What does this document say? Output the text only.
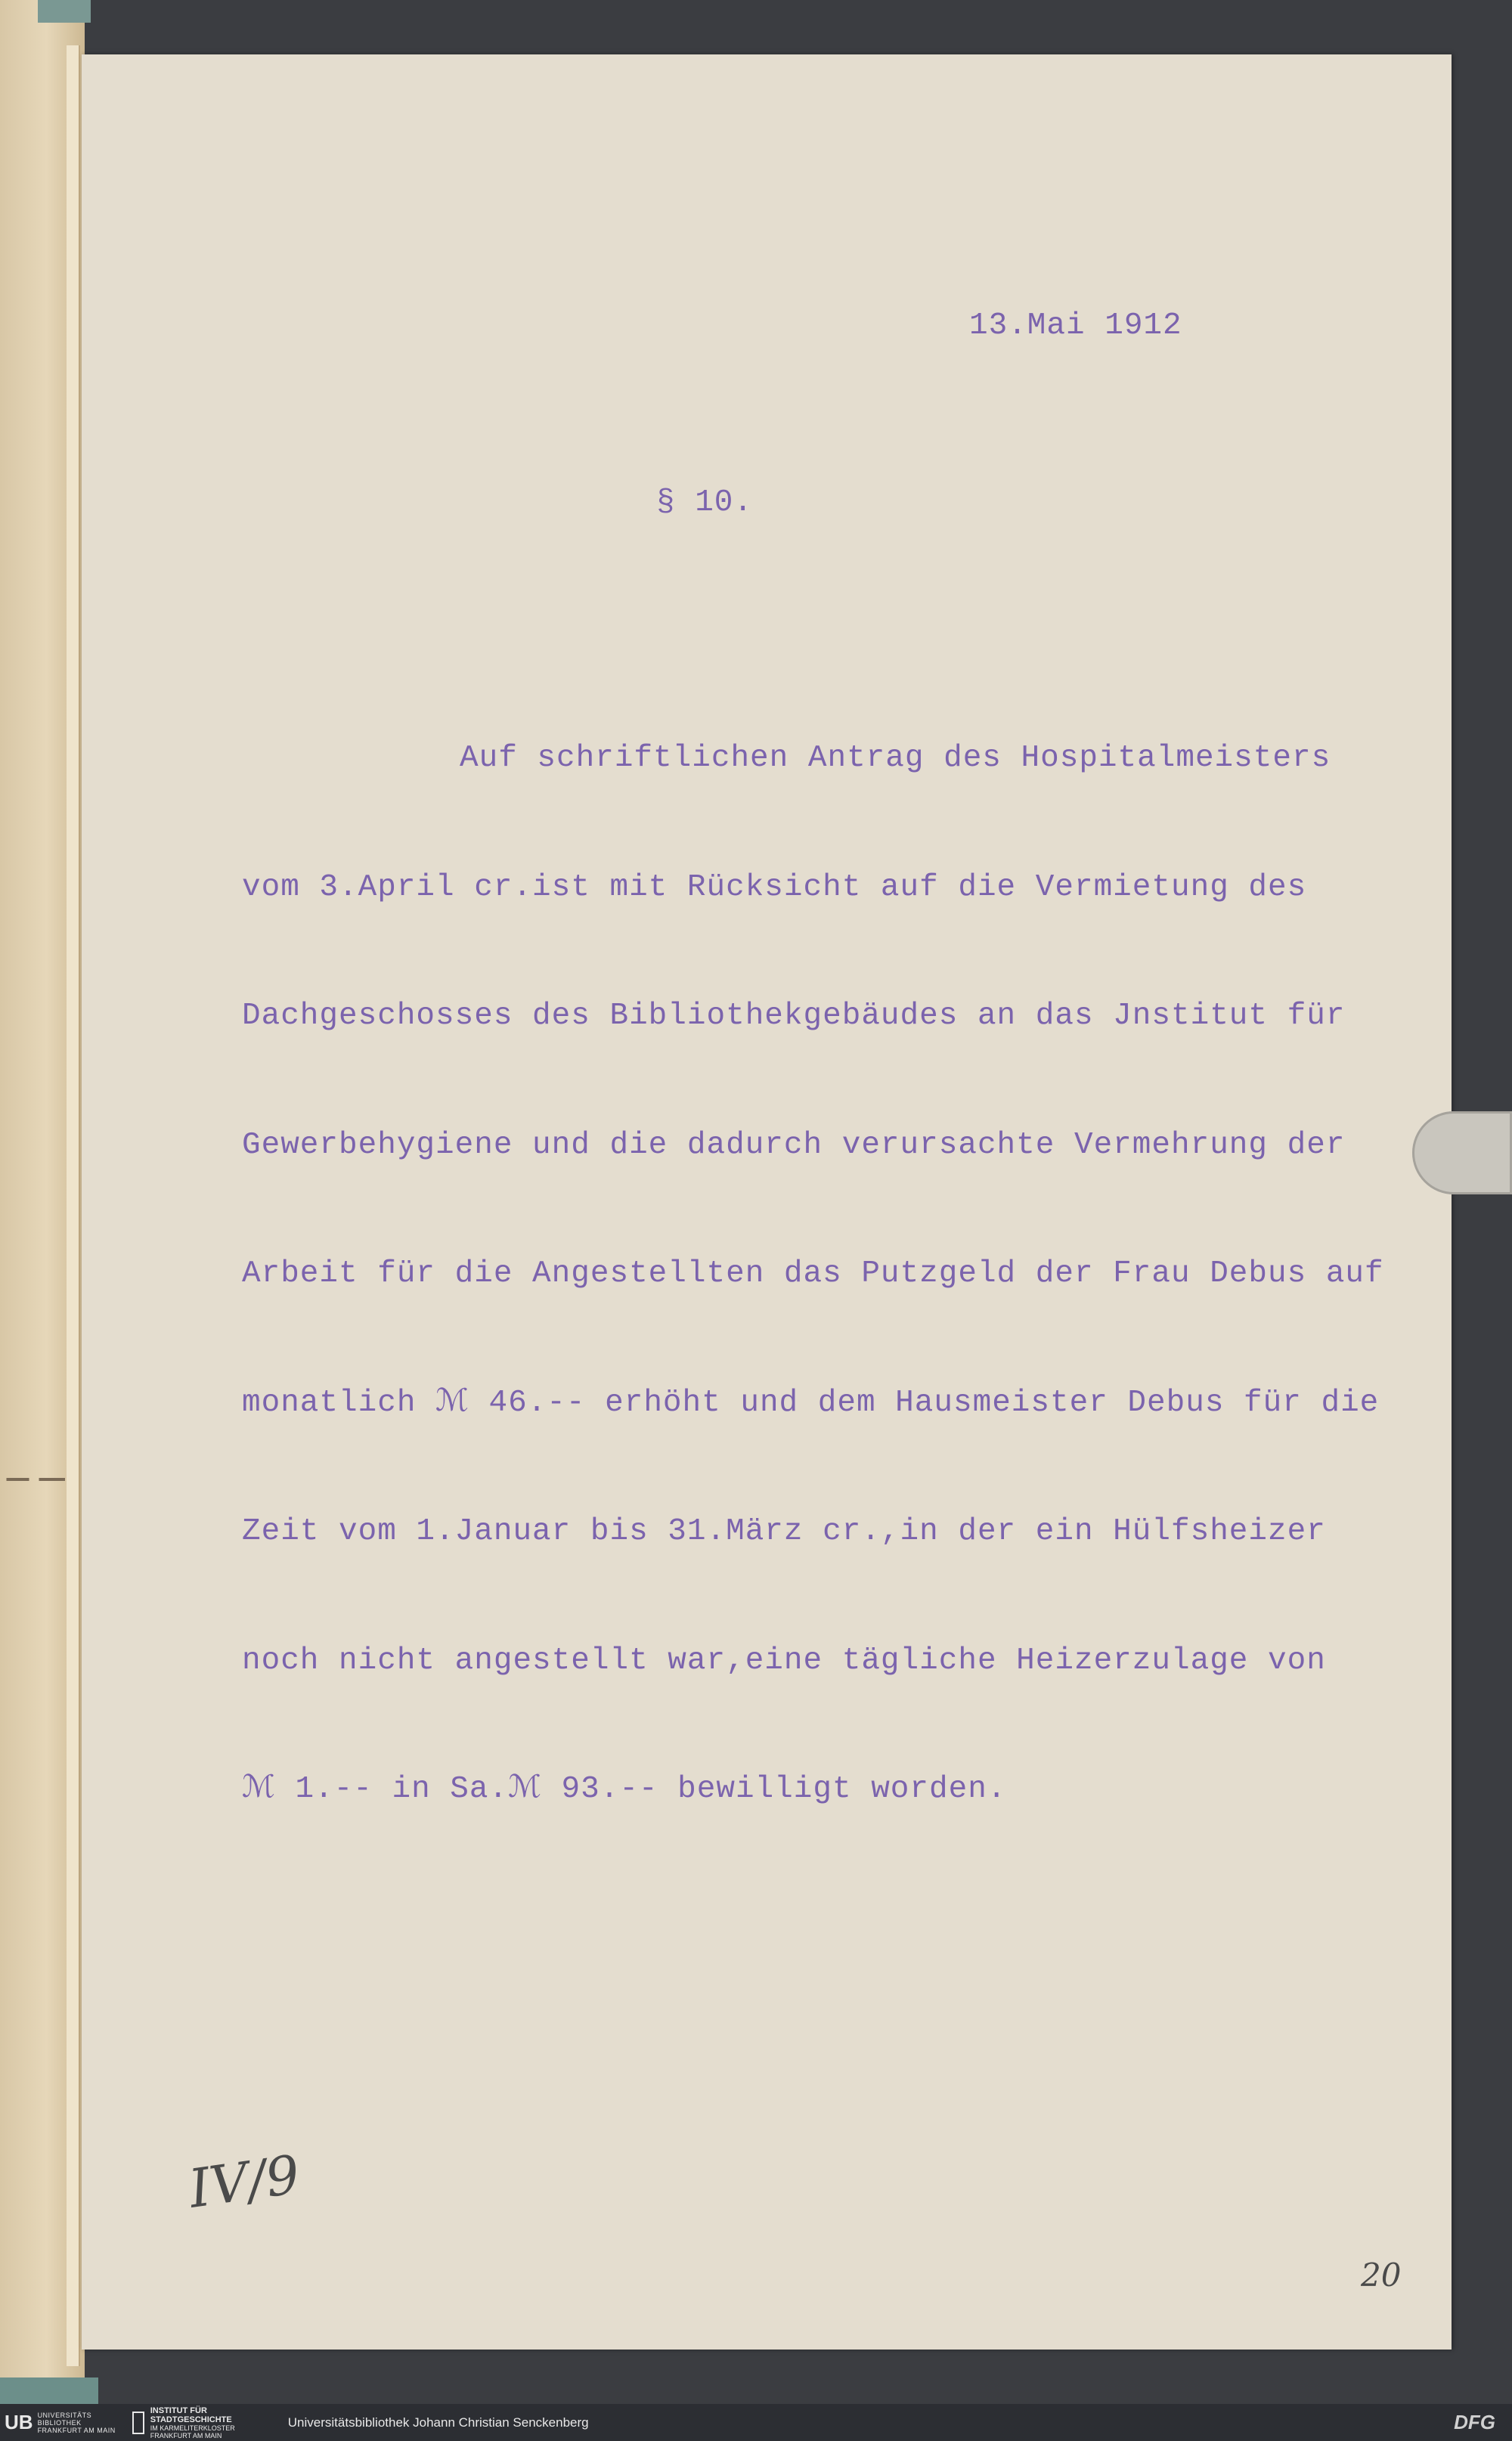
13.Mai 1912
§ 10.

Auf schriftlichen Antrag des Hospitalmeisters

vom 3.April cr.ist mit Rücksicht auf die Vermietung des

Dachgeschosses des Bibliothekgebäudes an das Jnstitut für

Gewerbehygiene und die dadurch verursachte Vermehrung der

Arbeit für die Angestellten das Putzgeld der Frau Debus auf

monatlich ℳ 46.-- erhöht und dem Hausmeister Debus für die

Zeit vom 1.Januar bis 31.März cr.,in der ein Hülfsheizer

noch nicht angestellt war,eine tägliche Heizerzulage von

ℳ 1.-- in Sa.ℳ 93.-- bewilligt worden.

IV/9
20
UB UNIVERSITÄTS
BIBLIOTHEK
FRANKFURT AM MAIN
INSTITUT FÜR
STADTGESCHICHTE
IM KARMELITERKLOSTER
FRANKFURT AM MAIN
Universitätsbibliothek Johann Christian Senckenberg	DFG
